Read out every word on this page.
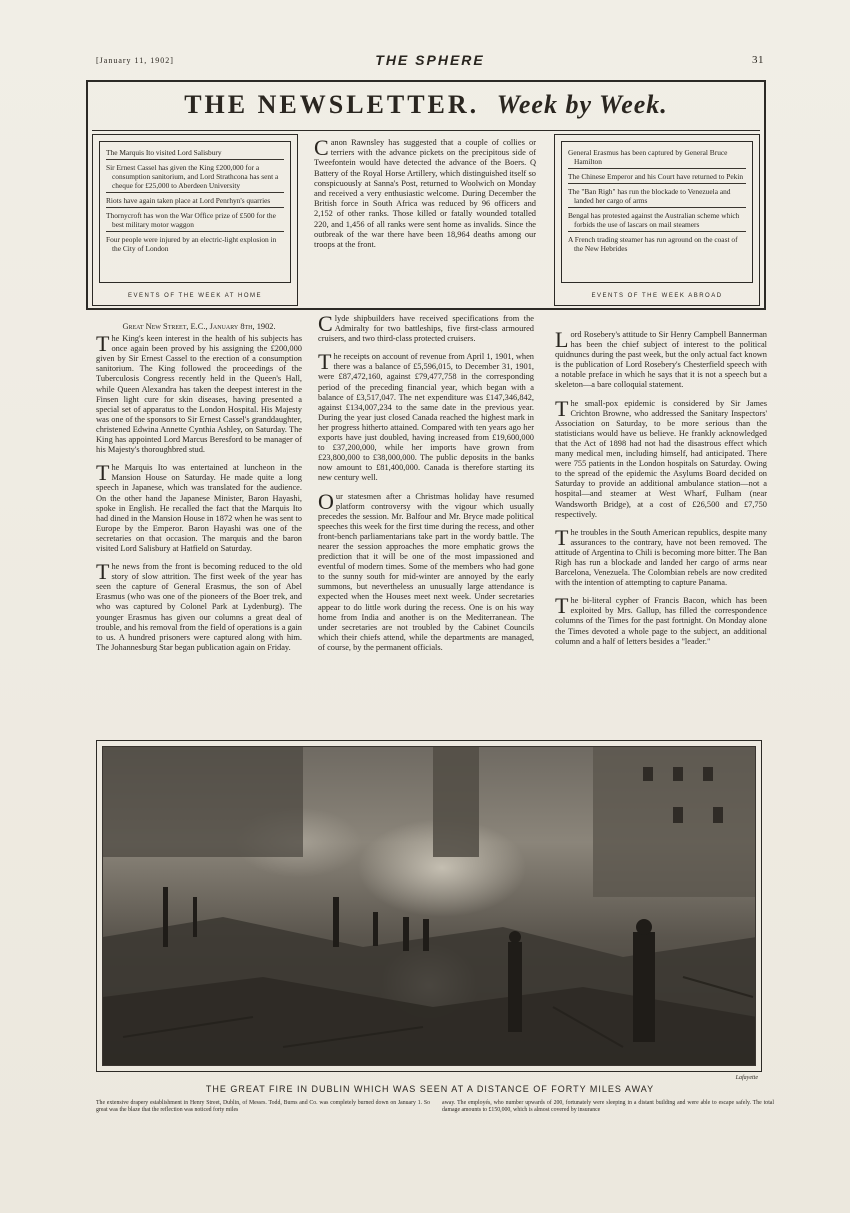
[January 11, 1902]	THE SPHERE	31
THE NEWSLETTER. Week by Week.

The Marquis Ito visited Lord Salisbury

Sir Ernest Cassel has given the King £200,000 for a consumption sanitorium, and Lord Strathcona has sent a cheque for £25,000 to Aberdeen University

Riots have again taken place at Lord Penrhyn's quarries

Thornycroft has won the War Office prize of £500 for the best military motor waggon

Four people were injured by an electric-light explosion in the City of London

EVENTS OF THE WEEK AT HOME
Canon Rawnsley has suggested that a couple of collies or terriers with the advance pickets on the precipitous side of Tweefontein would have detected the advance of the Boers. Q Battery of the Royal Horse Artillery, which distinguished itself so conspicuously at Sanna's Post, returned to Woolwich on Monday and received a very enthusiastic welcome. During December the British force in South Africa was reduced by 96 officers and 2,152 of other ranks. Those killed or fatally wounded totalled 220, and 1,456 of all ranks were sent home as invalids. Since the outbreak of the war there have been 18,964 deaths among our troops at the front.

General Erasmus has been captured by General Bruce Hamilton

The Chinese Emperor and his Court have returned to Pekin

The "Ban Righ" has run the blockade to Venezuela and landed her cargo of arms

Bengal has protested against the Australian scheme which forbids the use of lascars on mail steamers

A French trading steamer has run aground on the coast of the New Hebrides

EVENTS OF THE WEEK ABROAD
Great New Street, E.C., January 8th, 1902.

The King's keen interest in the health of his subjects has once again been proved by his assigning the £200,000 given by Sir Ernest Cassel to the erection of a consumption sanitorium. The King followed the proceedings of the Tuberculosis Congress recently held in the Queen's Hall, while Queen Alexandra has taken the deepest interest in the Finsen light cure for skin diseases, having presented a special set of apparatus to the London Hospital. His Majesty was one of the sponsors to Sir Ernest Cassel's granddaughter, christened Edwina Annette Cynthia Ashley, on Saturday. The King has appointed Lord Marcus Beresford to be manager of his Majesty's thoroughbred stud.

The Marquis Ito was entertained at luncheon in the Mansion House on Saturday. He made quite a long speech in Japanese, which was translated for the audience. On the other hand the Japanese Minister, Baron Hayashi, spoke in English. He recalled the fact that the Marquis Ito had dined in the Mansion House in 1872 when he was sent to Europe by the Emperor. Baron Hayashi was one of the secretaries on that occasion. The marquis and the baron visited Lord Salisbury at Hatfield on Saturday.

The news from the front is becoming reduced to the old story of slow attrition. The first week of the year has seen the capture of General Erasmus, the son of Abel Erasmus (who was one of the pioneers of the Boer trek, and who was captured by Colonel Park at Lydenburg). The younger Erasmus has given our columns a great deal of trouble, and his removal from the field of operations is a gain to us. A hundred prisoners were captured along with him. The Johannesburg Star began publication again on Friday.

Clyde shipbuilders have received specifications from the Admiralty for two battleships, five first-class armoured cruisers, and two third-class protected cruisers.

The receipts on account of revenue from April 1, 1901, when there was a balance of £5,596,015, to December 31, 1901, were £87,472,160, against £79,477,758 in the corresponding period of the preceding financial year, which began with a balance of £3,517,047. The net expenditure was £147,346,842, against £134,007,234 to the same date in the previous year. During the year just closed Canada reached the highest mark in her progress hitherto attained. Compared with ten years ago her exports have just doubled, having increased from £19,600,000 to £37,200,000, while her imports have grown from £23,800,000 to £38,000,000. The public deposits in the banks now amount to £81,400,000. Canada is therefore starting its new century well.

Our statesmen after a Christmas holiday have resumed platform controversy with the vigour which usually precedes the session. Mr. Balfour and Mr. Bryce made political speeches this week for the first time during the recess, and other front-bench parliamentarians take part in the wordy battle. The nearer the session approaches the more emphatic grows the prediction that it will be one of the most impassioned and eventful of modern times. Some of the members who had gone to the sunny south for mid-winter are annoyed by the early summons, but nevertheless an unusually large attendance is expected when the Houses meet next week. Under secretaries appear to do little work during the recess. One is on his way home from India and another is on the Mediterranean. The under secretaries are not troubled by the Cabinet Councils which their chiefs attend, while the departments are managed, of course, by the permanent officials.

Lord Rosebery's attitude to Sir Henry Campbell Bannerman has been the chief subject of interest to the political quidnuncs during the past week, but the only actual fact known is the publication of Lord Rosebery's Chesterfield speech with a notable preface in which he says that it is not a speech but a skeleton—a bare colloquial statement.

The small-pox epidemic is considered by Sir James Crichton Browne, who addressed the Sanitary Inspectors' Association on Saturday, to be more serious than the statisticians would have us believe. He frankly acknowledged that the Act of 1898 had not had the disastrous effect which many medical men, including himself, had anticipated. There were 755 patients in the London hospitals on Saturday. Owing to the spread of the epidemic the Asylums Board decided on Saturday to provide an additional ambulance station—not a hospital—and steamer at West Wharf, Fulham (near Wandsworth Bridge), at a cost of £26,500 and £7,750 respectively.

The troubles in the South American republics, despite many assurances to the contrary, have not been removed. The attitude of Argentina to Chili is becoming more bitter. The Ban Righ has run a blockade and landed her cargo of arms near Barcelona, Venezuela. The Colombian rebels are now credited with the intention of attempting to capture Panama.

The bi-literal cypher of Francis Bacon, which has been exploited by Mrs. Gallup, has filled the correspondence columns of the Times for the past fortnight. On Monday alone the Times devoted a whole page to the subject, an additional column and a half of letters besides a "leader."

Lafayette
THE GREAT FIRE IN DUBLIN WHICH WAS SEEN AT A DISTANCE OF FORTY MILES AWAY
The extensive drapery establishment in Henry Street, Dublin, of Messrs. Todd, Burns and Co. was completely burned down on January 1. So great was the blaze that the reflection was noticed forty miles
away. The employés, who number upwards of 200, fortunately were sleeping in a distant building and were able to escape safely. The total damage amounts to £150,000, which is almost covered by insurance
